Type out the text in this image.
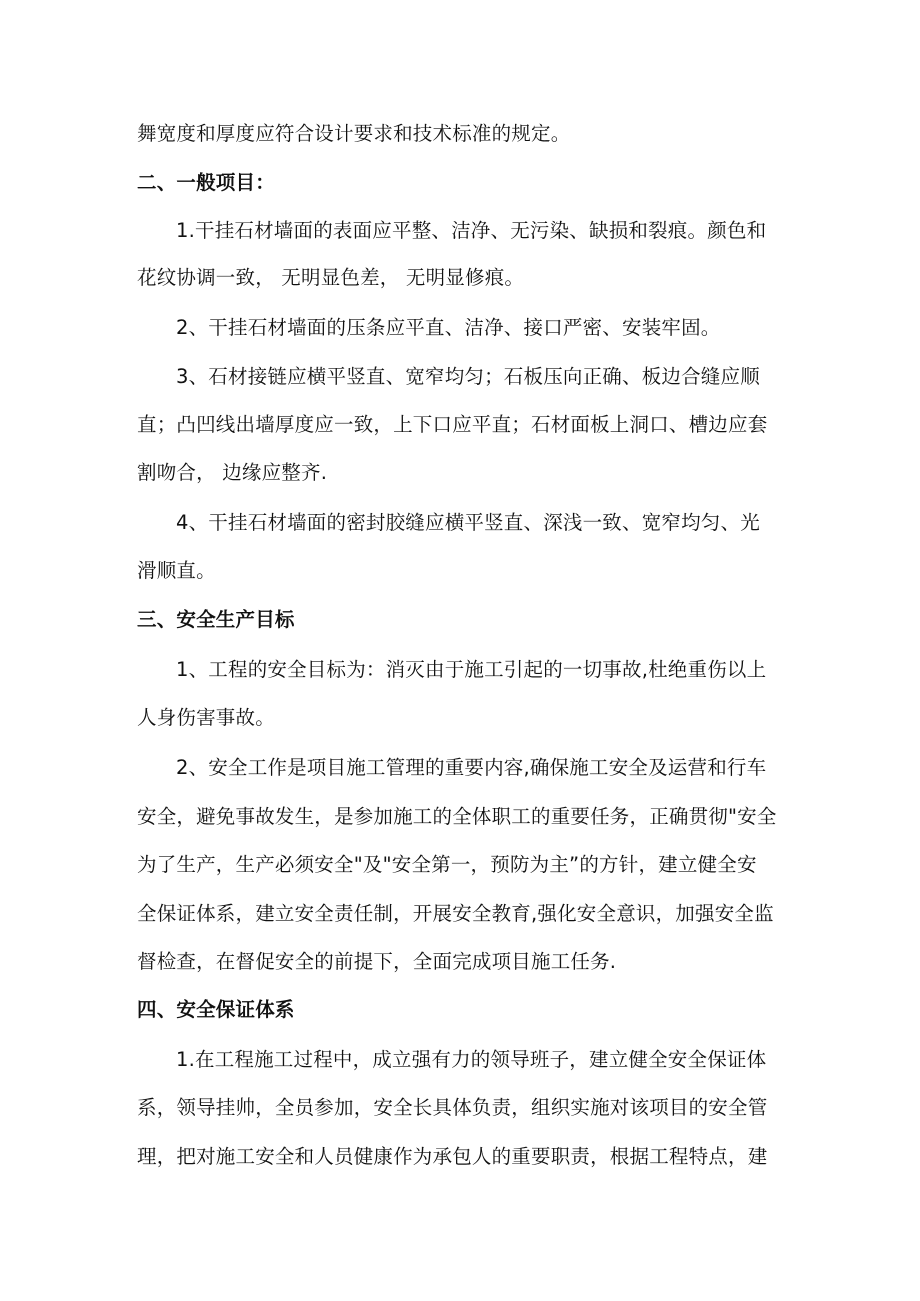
舞宽度和厚度应符合设计要求和技术标准的规定。
二、一般项目：
1.干挂石材墙面的表面应平整、洁净、无污染、缺损和裂痕。颜色和
花纹协调一致， 无明显色差， 无明显修痕。
2、干挂石材墙面的压条应平直、洁净、接口严密、安装牢固。
3、石材接链应横平竖直、宽窄均匀；石板压向正确、板边合缝应顺
直；凸凹线出墙厚度应一致，上下口应平直；石材面板上洞口、槽边应套
割吻合， 边缘应整齐.
4、干挂石材墙面的密封胶缝应横平竖直、深浅一致、宽窄均匀、光
滑顺直。
三、安全生产目标
1、工程的安全目标为：消灭由于施工引起的一切事故,杜绝重伤以上
人身伤害事故。
2、安全工作是项目施工管理的重要内容,确保施工安全及运营和行车
安全，避免事故发生，是参加施工的全体职工的重要任务，正确贯彻"安全
为了生产，生产必须安全"及"安全第一，预防为主”的方针，建立健全安
全保证体系，建立安全责任制，开展安全教育,强化安全意识，加强安全监
督检查，在督促安全的前提下，全面完成项目施工任务.
四、安全保证体系
1.在工程施工过程中，成立强有力的领导班子，建立健全安全保证体
系，领导挂帅，全员参加，安全长具体负责，组织实施对该项目的安全管
理，把对施工安全和人员健康作为承包人的重要职责，根据工程特点，建
